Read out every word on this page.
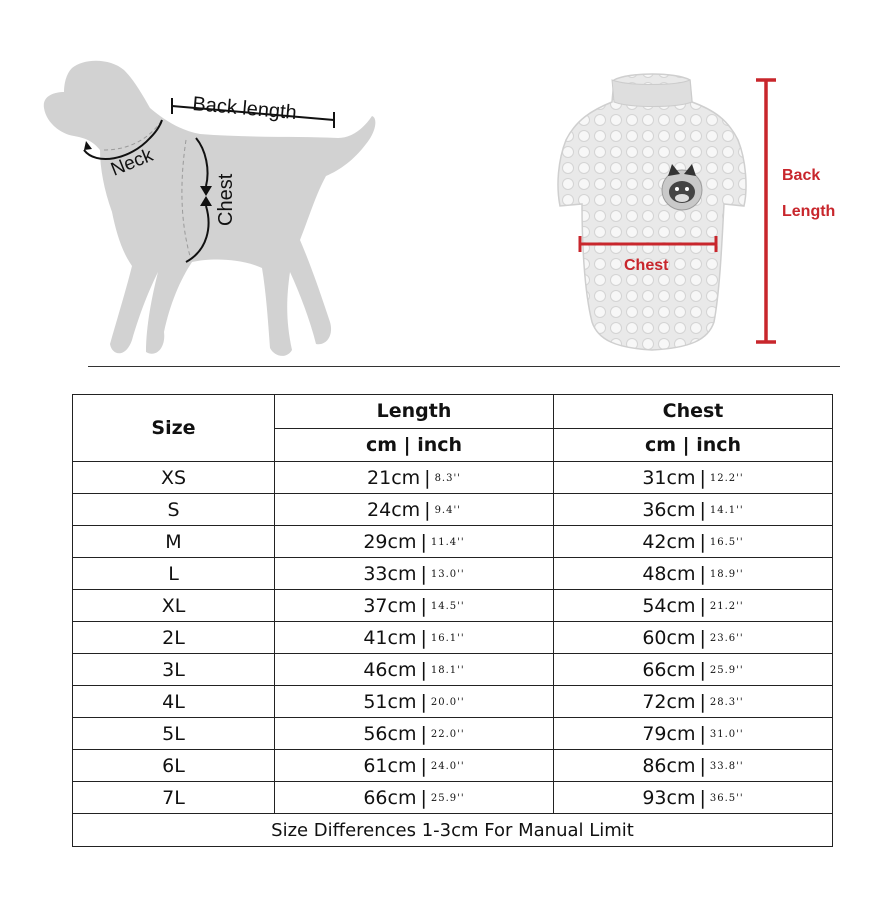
Back length
Neck
Chest
Chest
Back
Length
Size	Length	Chest
	cm | inch	cm | inch
XS	21cm | 8.3''	31cm | 12.2''
S	24cm | 9.4''	36cm | 14.1''
M	29cm | 11.4''	42cm | 16.5''
L	33cm | 13.0''	48cm | 18.9''
XL	37cm | 14.5''	54cm | 21.2''
2L	41cm | 16.1''	60cm | 23.6''
3L	46cm | 18.1''	66cm | 25.9''
4L	51cm | 20.0''	72cm | 28.3''
5L	56cm | 22.0''	79cm | 31.0''
6L	61cm | 24.0''	86cm | 33.8''
7L	66cm | 25.9''	93cm | 36.5''
Size Differences 1-3cm For Manual Limit		
